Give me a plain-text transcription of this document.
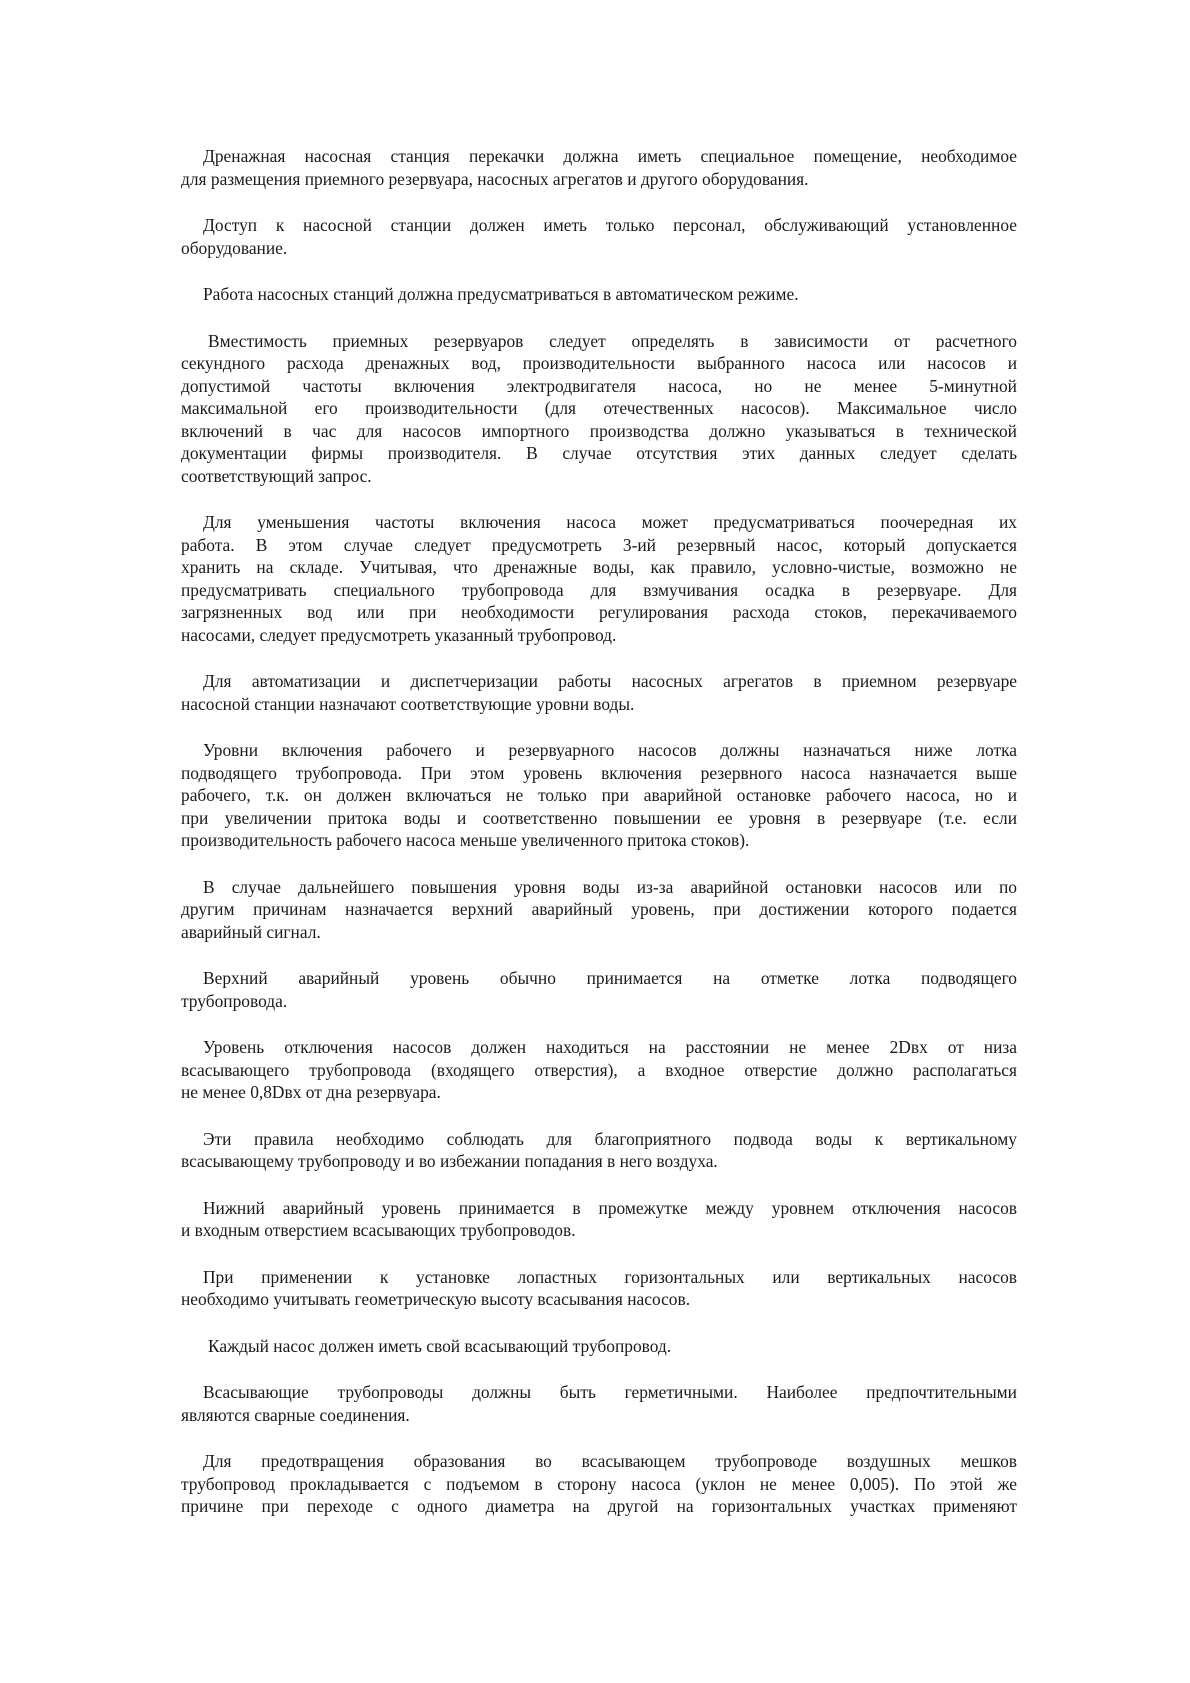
Дренажная насосная станция перекачки должна иметь специальное помещение, необходимое
для размещения приемного резервуара, насосных агрегатов и другого оборудования.
Доступ к насосной станции должен иметь только персонал, обслуживающий установленное
оборудование.
Работа насосных станций должна предусматриваться в автоматическом режиме.
Вместимость приемных резервуаров следует определять в зависимости от расчетного
секундного расхода дренажных вод, производительности выбранного насоса или насосов и
допустимой частоты включения электродвигателя насоса, но не менее 5-минутной
максимальной его производительности (для отечественных насосов). Максимальное число
включений в час для насосов импортного производства должно указываться в технической
документации фирмы производителя. В случае отсутствия этих данных следует сделать
соответствующий запрос.
Для уменьшения частоты включения насоса может предусматриваться поочередная их
работа. В этом случае следует предусмотреть 3-ий резервный насос, который допускается
хранить на складе. Учитывая, что дренажные воды, как правило, условно-чистые, возможно не
предусматривать специального трубопровода для взмучивания осадка в резервуаре. Для
загрязненных вод или при необходимости регулирования расхода стоков, перекачиваемого
насосами, следует предусмотреть указанный трубопровод.
Для автоматизации и диспетчеризации работы насосных агрегатов в приемном резервуаре
насосной станции назначают соответствующие уровни воды.
Уровни включения рабочего и резервуарного насосов должны назначаться ниже лотка
подводящего трубопровода. При этом уровень включения резервного насоса назначается выше
рабочего, т.к. он должен включаться не только при аварийной остановке рабочего насоса, но и
при увеличении притока воды и соответственно повышении ее уровня в резервуаре (т.е. если
производительность рабочего насоса меньше увеличенного притока стоков).
В случае дальнейшего повышения уровня воды из-за аварийной остановки насосов или по
другим причинам назначается верхний аварийный уровень, при достижении которого подается
аварийный сигнал.
Верхний аварийный уровень обычно принимается на отметке лотка подводящего
трубопровода.
Уровень отключения насосов должен находиться на расстоянии не менее 2Dвх от низа
всасывающего трубопровода (входящего отверстия), а входное отверстие должно располагаться
не менее 0,8Dвх от дна резервуара.
Эти правила необходимо соблюдать для благоприятного подвода воды к вертикальному
всасывающему трубопроводу и во избежании попадания в него воздуха.
Нижний аварийный уровень принимается в промежутке между уровнем отключения насосов
и входным отверстием всасывающих трубопроводов.
При применении к установке лопастных горизонтальных или вертикальных насосов
необходимо учитывать геометрическую высоту всасывания насосов.
Каждый насос должен иметь свой всасывающий трубопровод.
Всасывающие трубопроводы должны быть герметичными. Наиболее предпочтительными
являются сварные соединения.
Для предотвращения образования во всасывающем трубопроводе воздушных мешков
трубопровод прокладывается с подъемом в сторону насоса (уклон не менее 0,005). По этой же
причине при переходе с одного диаметра на другой на горизонтальных участках применяют
